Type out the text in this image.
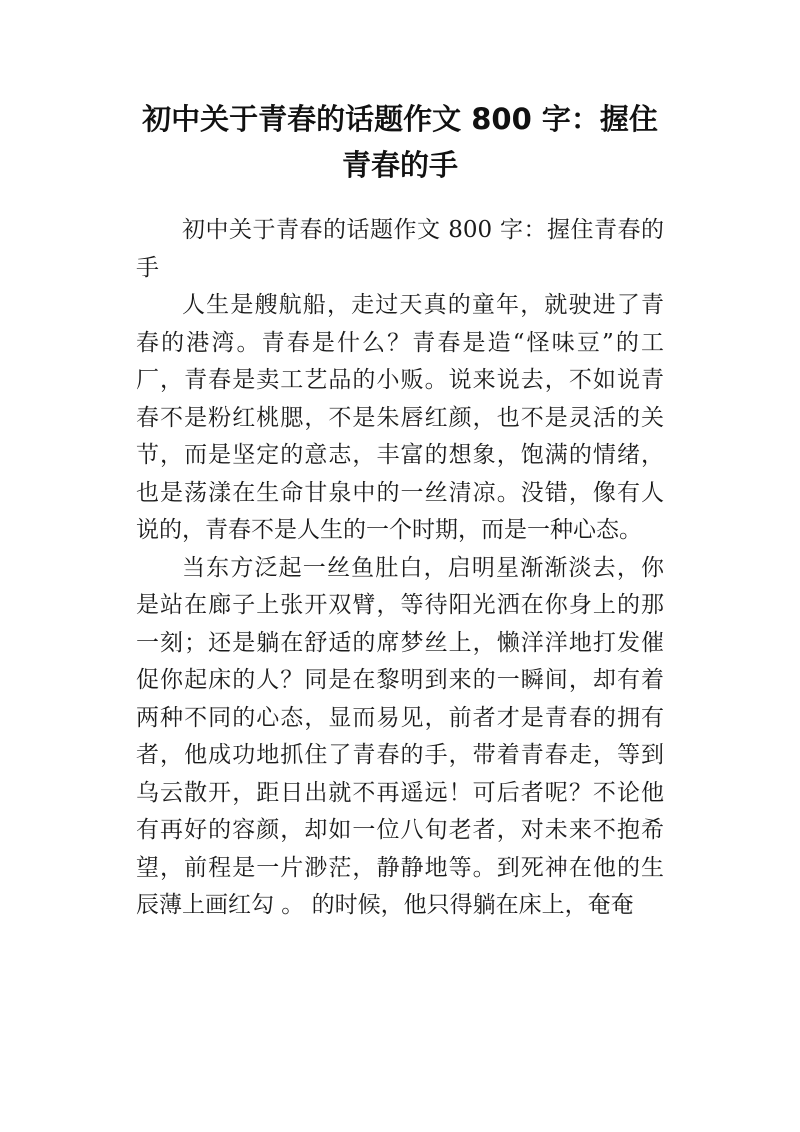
初中关于青春的话题作文 800 字：握住青春的手

初中关于青春的话题作文 800 字：握住青春的手

人生是艘航船，走过天真的童年，就驶进了青春的港湾。青春是什么？青春是造“怪味豆”的工厂，青春是卖工艺品的小贩。说来说去，不如说青春不是粉红桃腮，不是朱唇红颜，也不是灵活的关节，而是坚定的意志，丰富的想象，饱满的情绪，也是荡漾在生命甘泉中的一丝清凉。没错，像有人说的，青春不是人生的一个时期，而是一种心态。

当东方泛起一丝鱼肚白，启明星渐渐淡去，你是站在廊子上张开双臂，等待阳光洒在你身上的那一刻；还是躺在舒适的席梦丝上，懒洋洋地打发催促你起床的人？同是在黎明到来的一瞬间，却有着两种不同的心态，显而易见，前者才是青春的拥有者，他成功地抓住了青春的手，带着青春走，等到乌云散开，距日出就不再遥远！可后者呢？不论他有再好的容颜，却如一位八旬老者，对未来不抱希望，前程是一片渺茫，静静地等。到死神在他的生辰薄上画红勾 。 的时候，他只得躺在床上，奄奄
